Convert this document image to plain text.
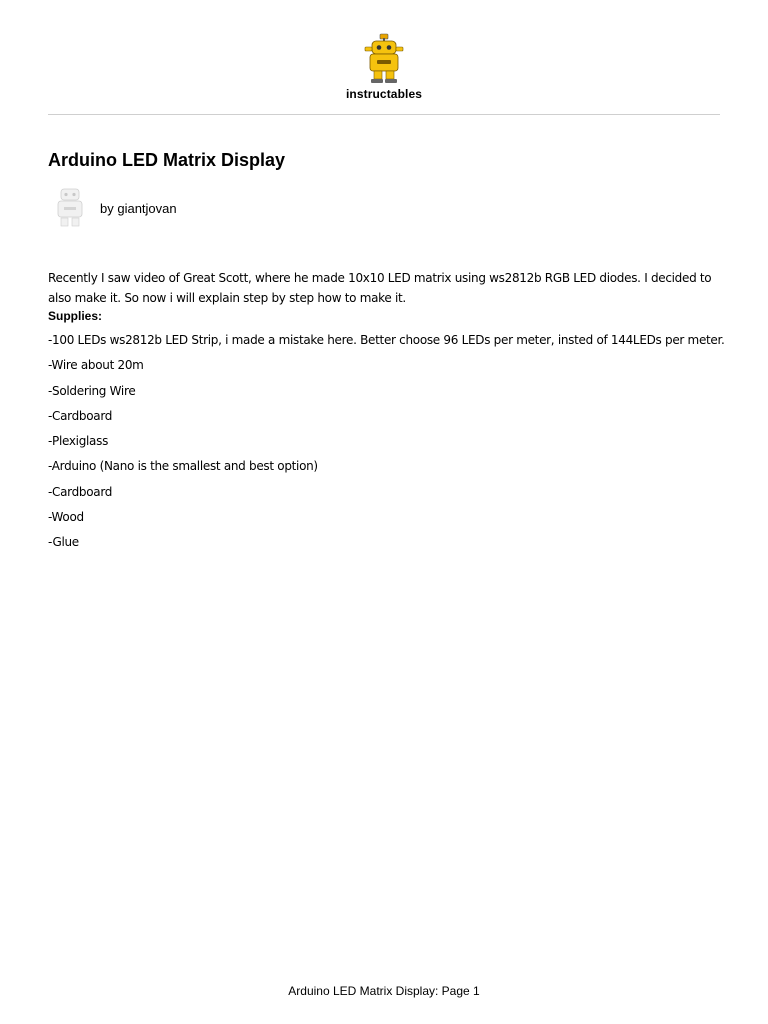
instructables
Arduino LED Matrix Display
by giantjovan

Recently I saw video of Great Scott, where he made 10x10 LED matrix using ws2812b RGB LED diodes. I decided to also make it. So now i will explain step by step how to make it.

Supplies:
-100 LEDs ws2812b LED Strip, i made a mistake here. Better choose 96 LEDs per meter, insted of 144LEDs per meter.
-Wire about 20m
-Soldering Wire
-Cardboard
-Plexiglass
-Arduino (Nano is the smallest and best option)
-Cardboard
-Wood
-Glue
Arduino LED Matrix Display: Page 1
